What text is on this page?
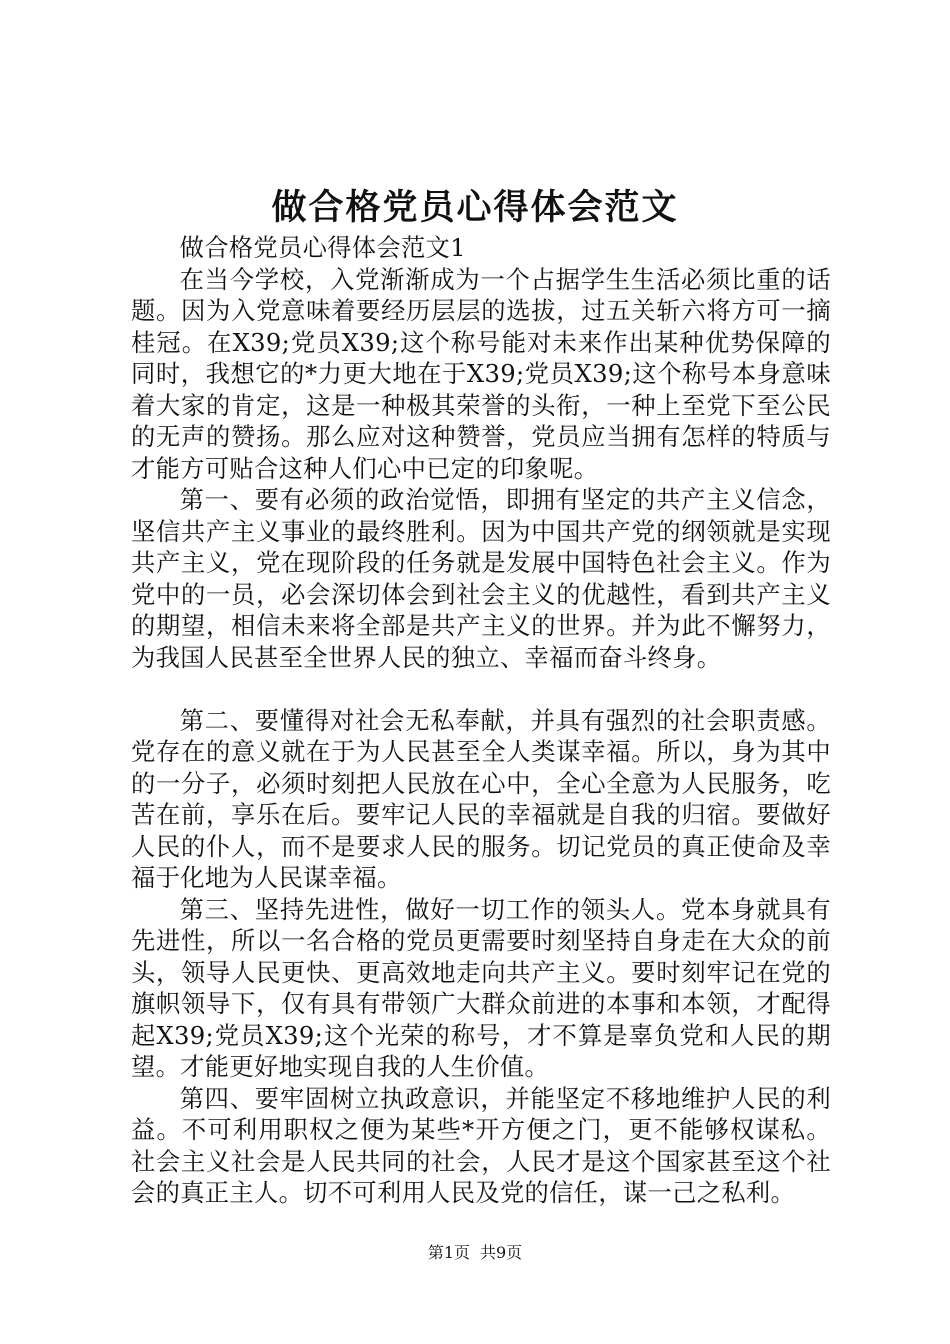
做合格党员心得体会范文

做合格党员心得体会范文1

在当今学校，入党渐渐成为一个占据学生生活必须比重的话题。因为入党意味着要经历层层的选拔，过五关斩六将方可一摘桂冠。在X39;党员X39;这个称号能对未来作出某种优势保障的同时，我想它的*力更大地在于X39;党员X39;这个称号本身意味着大家的肯定，这是一种极其荣誉的头衔，一种上至党下至公民的无声的赞扬。那么应对这种赞誉，党员应当拥有怎样的特质与才能方可贴合这种人们心中已定的印象呢。

第一、要有必须的政治觉悟，即拥有坚定的共产主义信念，坚信共产主义事业的最终胜利。因为中国共产党的纲领就是实现共产主义，党在现阶段的任务就是发展中国特色社会主义。作为党中的一员，必会深切体会到社会主义的优越性，看到共产主义的期望，相信未来将全部是共产主义的世界。并为此不懈努力，为我国人民甚至全世界人民的独立、幸福而奋斗终身。

第二、要懂得对社会无私奉献，并具有强烈的社会职责感。党存在的意义就在于为人民甚至全人类谋幸福。所以，身为其中的一分子，必须时刻把人民放在心中，全心全意为人民服务，吃苦在前，享乐在后。要牢记人民的幸福就是自我的归宿。要做好人民的仆人，而不是要求人民的服务。切记党员的真正使命及幸福于化地为人民谋幸福。

第三、坚持先进性，做好一切工作的领头人。党本身就具有先进性，所以一名合格的党员更需要时刻坚持自身走在大众的前头，领导人民更快、更高效地走向共产主义。要时刻牢记在党的旗帜领导下，仅有具有带领广大群众前进的本事和本领，才配得起X39;党员X39;这个光荣的称号，才不算是辜负党和人民的期望。才能更好地实现自我的人生价值。

第四、要牢固树立执政意识，并能坚定不移地维护人民的利益。不可利用职权之便为某些*开方便之门，更不能够权谋私。社会主义社会是人民共同的社会，人民才是这个国家甚至这个社会的真正主人。切不可利用人民及党的信任，谋一己之私利。

第1页 共9页
